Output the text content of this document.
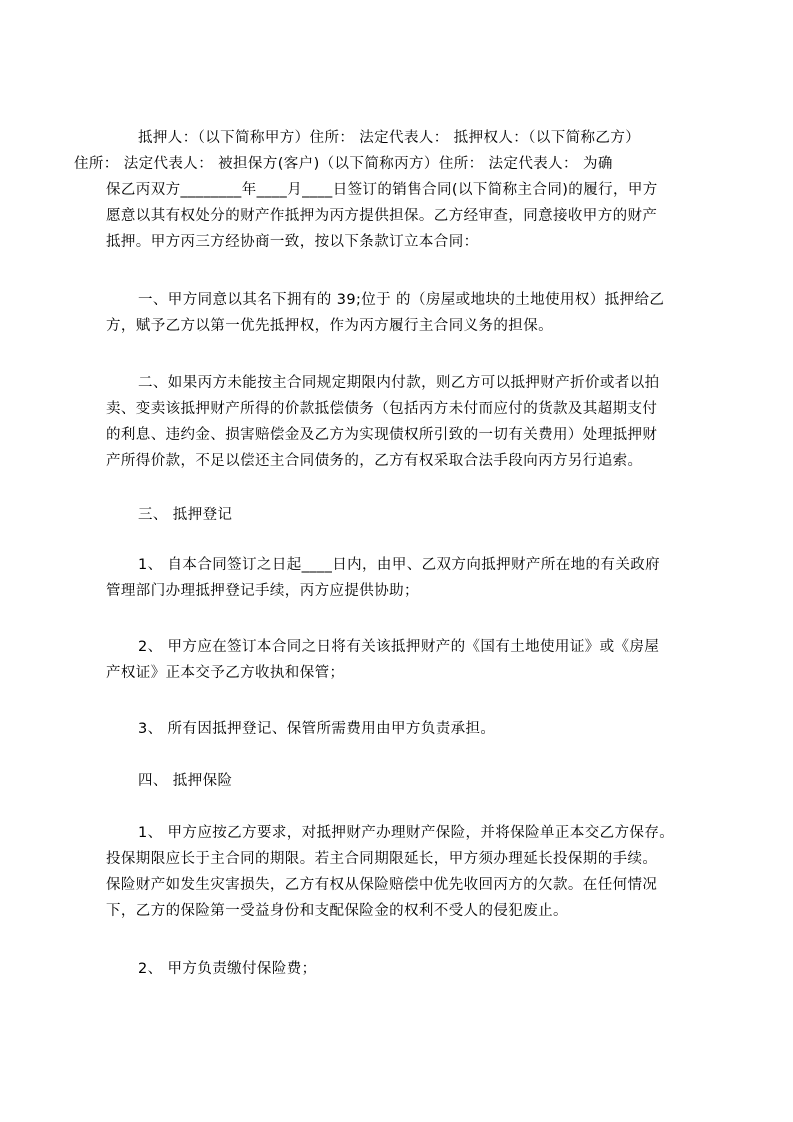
抵押人：（以下简称甲方）住所： 法定代表人： 抵押权人：（以下简称乙方）
住所： 法定代表人： 被担保方(客户)（以下简称丙方）住所： 法定代表人： 为确
保乙丙双方________年____月____日签订的销售合同(以下简称主合同)的履行，甲方
愿意以其有权处分的财产作抵押为丙方提供担保。乙方经审查，同意接收甲方的财产
抵押。甲方丙三方经协商一致，按以下条款订立本合同：

一、甲方同意以其名下拥有的 39;位于 的（房屋或地块的土地使用权）抵押给乙
方，赋予乙方以第一优先抵押权，作为丙方履行主合同义务的担保。

二、如果丙方未能按主合同规定期限内付款，则乙方可以抵押财产折价或者以拍
卖、变卖该抵押财产所得的价款抵偿债务（包括丙方未付而应付的货款及其超期支付
的利息、违约金、损害赔偿金及乙方为实现债权所引致的一切有关费用）处理抵押财
产所得价款，不足以偿还主合同债务的，乙方有权采取合法手段向丙方另行追索。

三、 抵押登记

1、 自本合同签订之日起____日内，由甲、乙双方向抵押财产所在地的有关政府
管理部门办理抵押登记手续，丙方应提供协助；

2、 甲方应在签订本合同之日将有关该抵押财产的《国有土地使用证》或《房屋
产权证》正本交予乙方收执和保管；

3、 所有因抵押登记、保管所需费用由甲方负责承担。

四、 抵押保险

1、 甲方应按乙方要求，对抵押财产办理财产保险，并将保险单正本交乙方保存。
投保期限应长于主合同的期限。若主合同期限延长，甲方须办理延长投保期的手续。
保险财产如发生灾害损失，乙方有权从保险赔偿中优先收回丙方的欠款。在任何情况
下，乙方的保险第一受益身份和支配保险金的权利不受人的侵犯废止。

2、 甲方负责缴付保险费；
